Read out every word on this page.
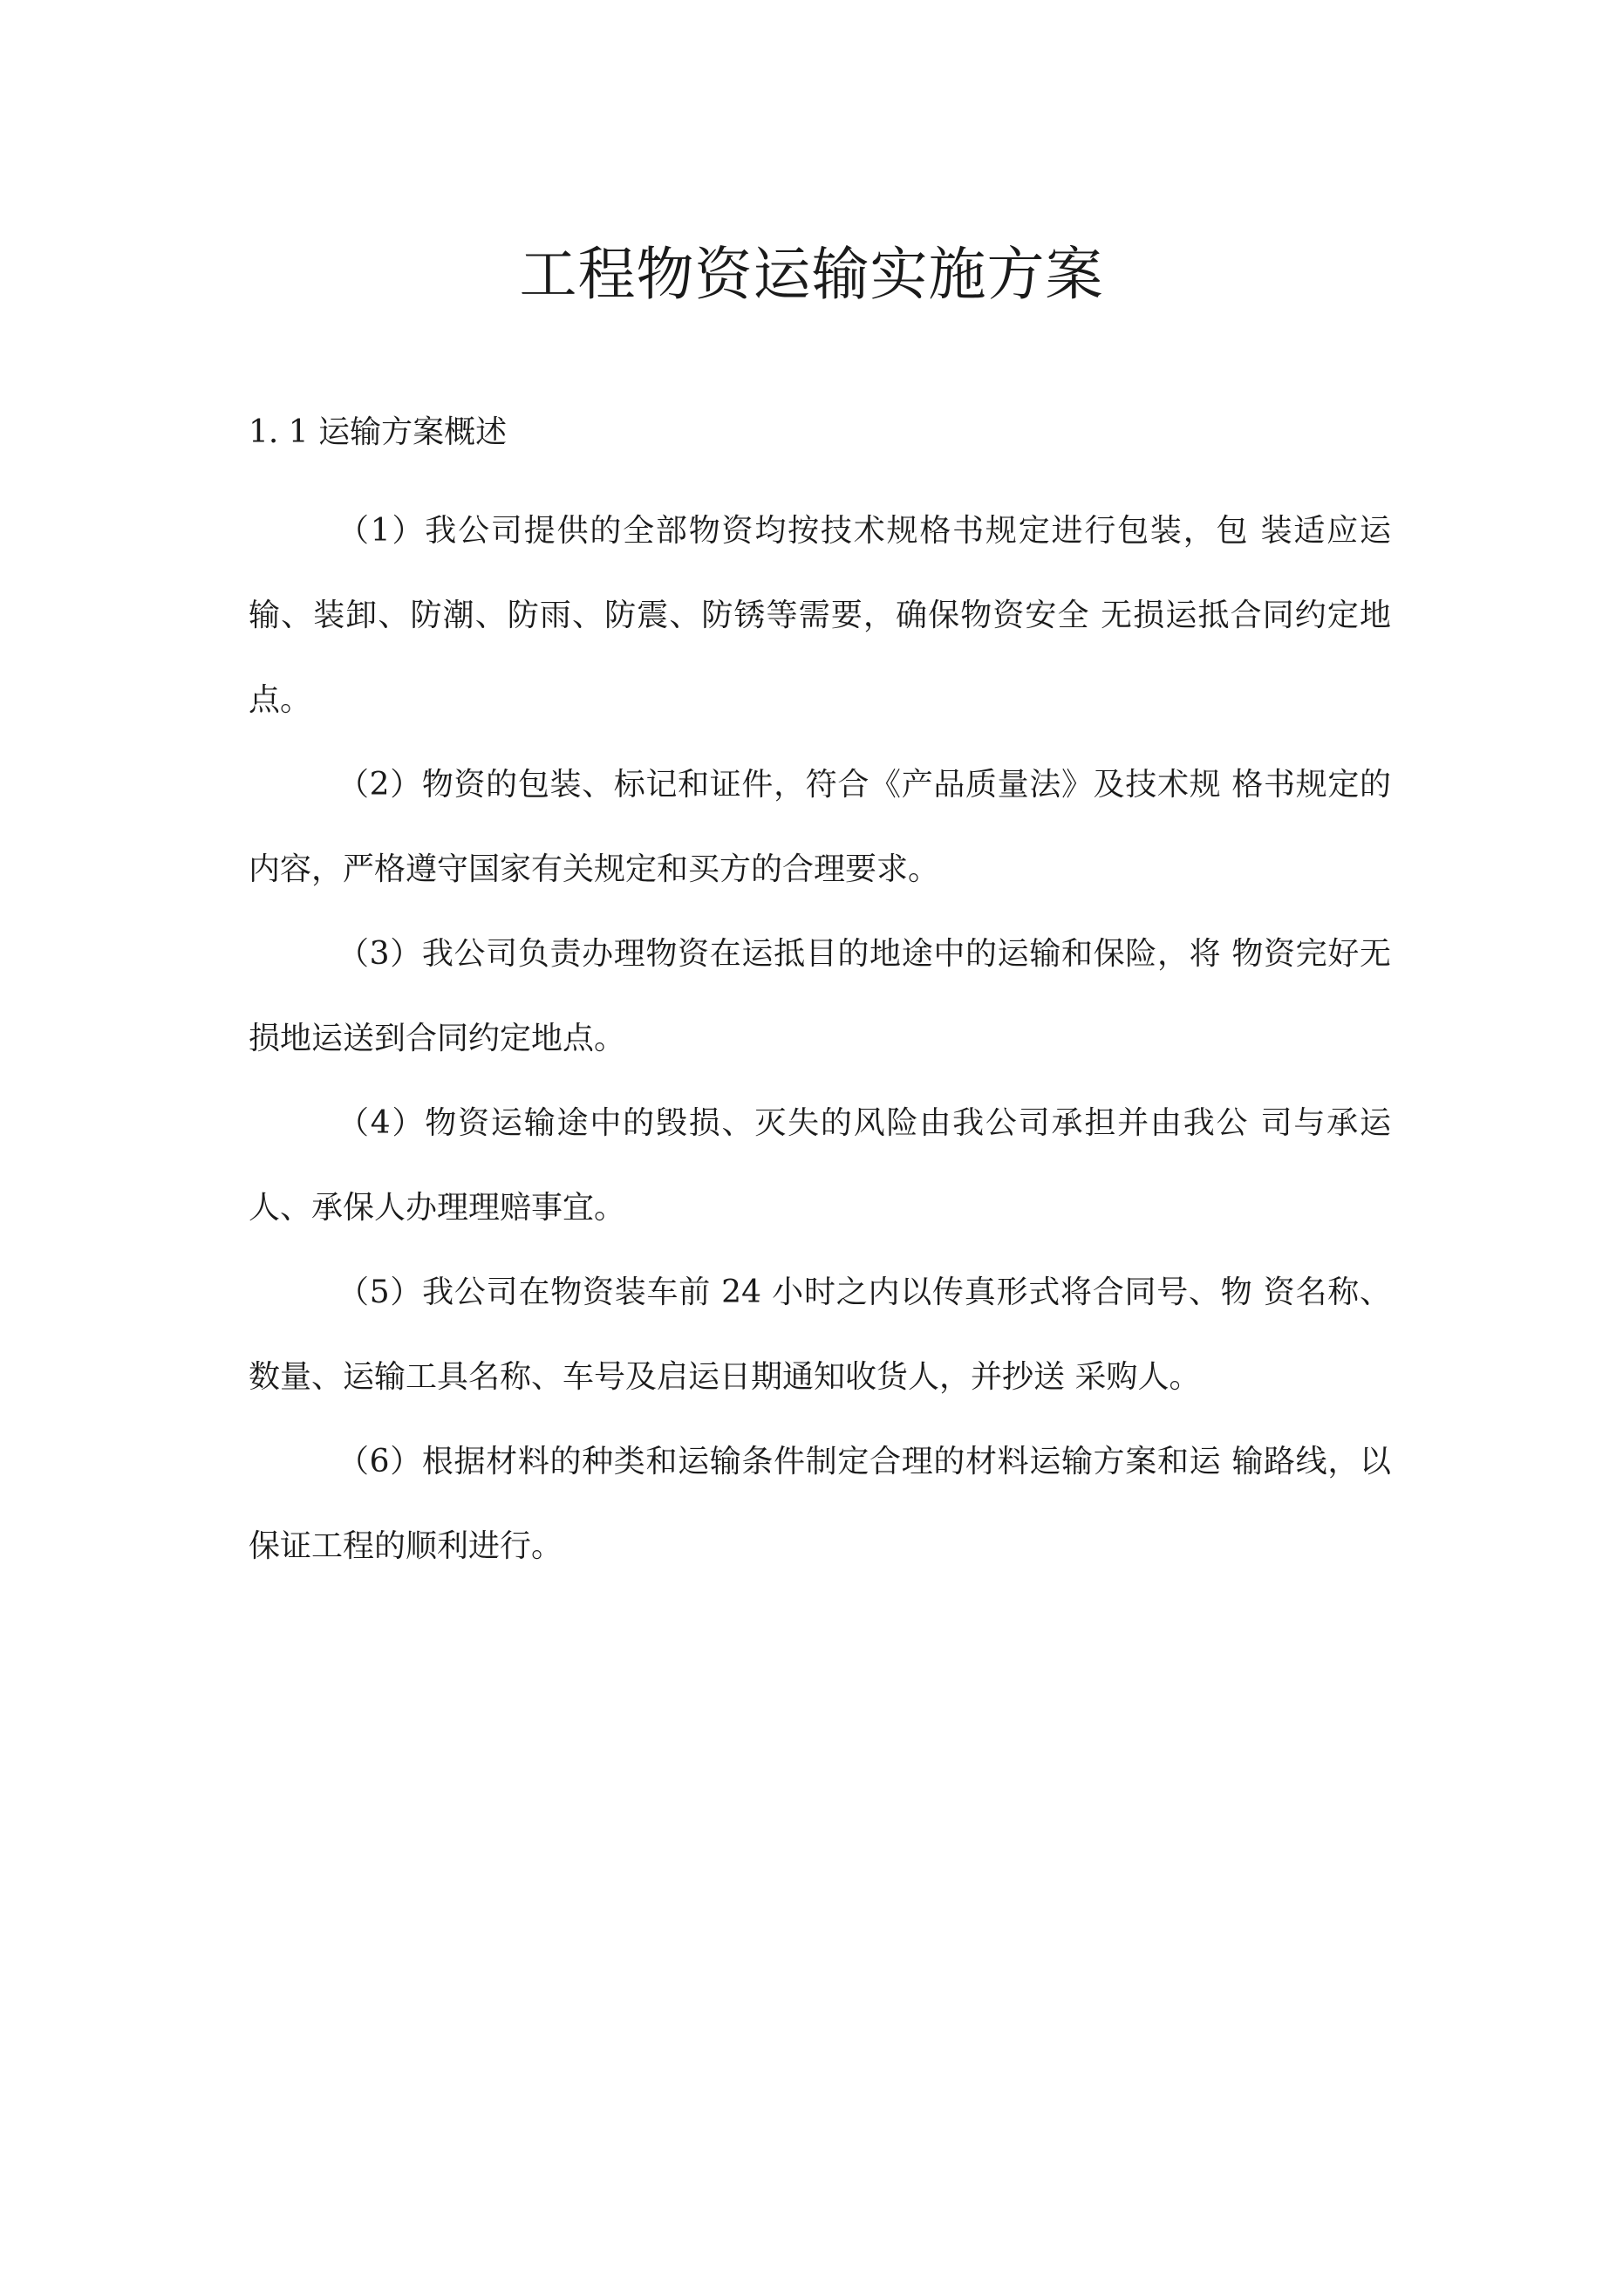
工程物资运输实施方案
1. 1 运输方案概述

（1）我公司提供的全部物资均按技术规格书规定进行包装，包 装适应运输、装卸、防潮、防雨、防震、防锈等需要，确保物资安全 无损运抵合同约定地点。

（2）物资的包装、标记和证件，符合《产品质量法》及技术规 格书规定的内容，严格遵守国家有关规定和买方的合理要求。

（3）我公司负责办理物资在运抵目的地途中的运输和保险，将 物资完好无损地运送到合同约定地点。

（4）物资运输途中的毁损、灭失的风险由我公司承担并由我公 司与承运人、承保人办理理赔事宜。

（5）我公司在物资装车前 24 小时之内以传真形式将合同号、物 资名称、数量、运输工具名称、车号及启运日期通知收货人，并抄送 采购人。

（6）根据材料的种类和运输条件制定合理的材料运输方案和运 输路线，以保证工程的顺利进行。
